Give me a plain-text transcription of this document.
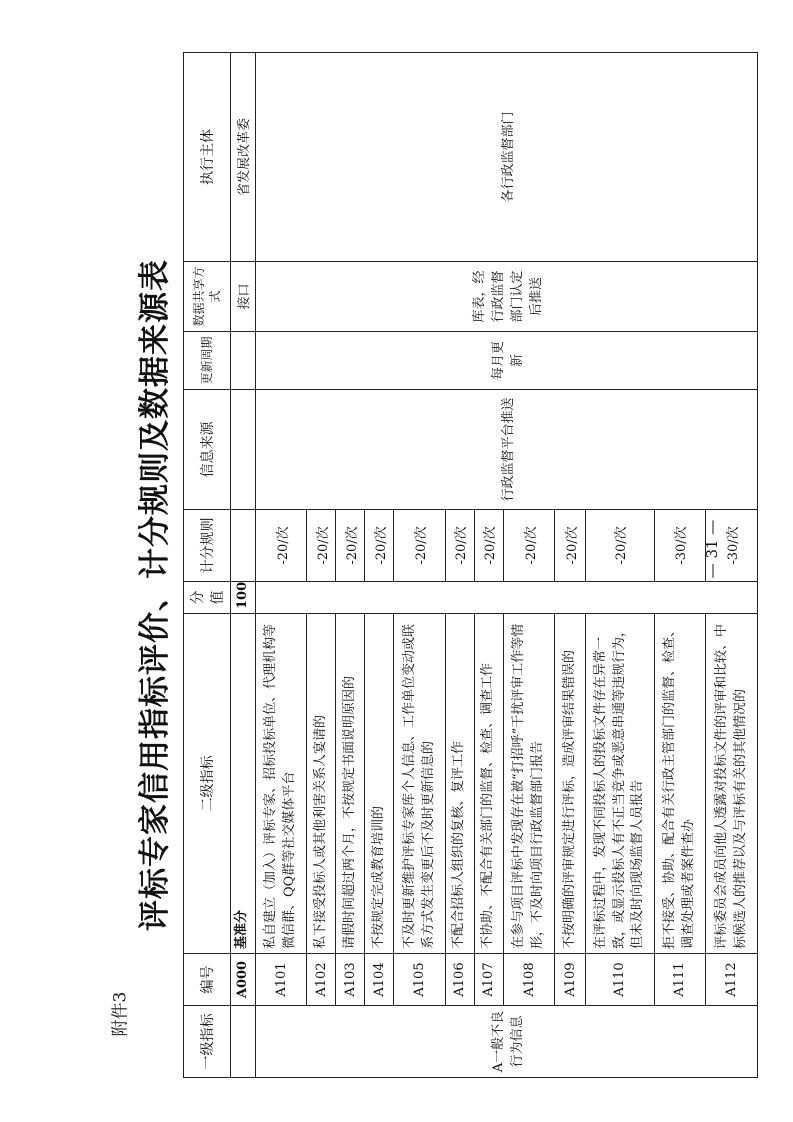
附件3
评标专家信用指标评价、计分规则及数据来源表	— 31 —
一级指标	编号	二级指标	分值	计分规则	信息来源	更新周期	数据共享方式	执行主体
	A000	基准分	100				接口	省发展改革委
A一般不良行为信息	A101	私自建立（加入）评标专家、招标投标单位、代理机构等微信群、QQ群等社交媒体平台		-20/次	行政监督平台推送	每月更新	库表，经行政监督部门认定后推送	各行政监督部门
	A102	私下接受投标人或其他利害关系人宴请的		-20/次				
	A103	请假时间超过两个月，不按规定书面说明原因的		-20/次				
	A104	不按规定完成教育培训的		-20/次				
	A105	不及时更新维护评标专家库个人信息、工作单位变动或联系方式发生变更后不及时更新信息的		-20/次				
	A106	不配合招标人组织的复核、复评工作		-20/次				
	A107	不协助、不配合有关部门的监督、检查、调查工作		-20/次				
	A108	在参与项目评标中发现存在被“打招呼”干扰评审工作等情形，不及时向项目行政监督部门报告		-20/次				
	A109	不按明确的评审规定进行评标，造成评审结果错误的		-20/次				
	A110	在评标过程中，发现不同投标人的投标文件存在异常一致，或显示投标人有不正当竞争或恶意串通等违规行为，但未及时向现场监督人员报告		-20/次				
	A111	拒不接受、协助、配合有关行政主管部门的监督、检查、调查处理或者案件查办		-30/次				
	A112	评标委员会成员向他人透露对投标文件的评审和比较、中标候选人的推荐以及与评标有关的其他情况的		-30/次				
